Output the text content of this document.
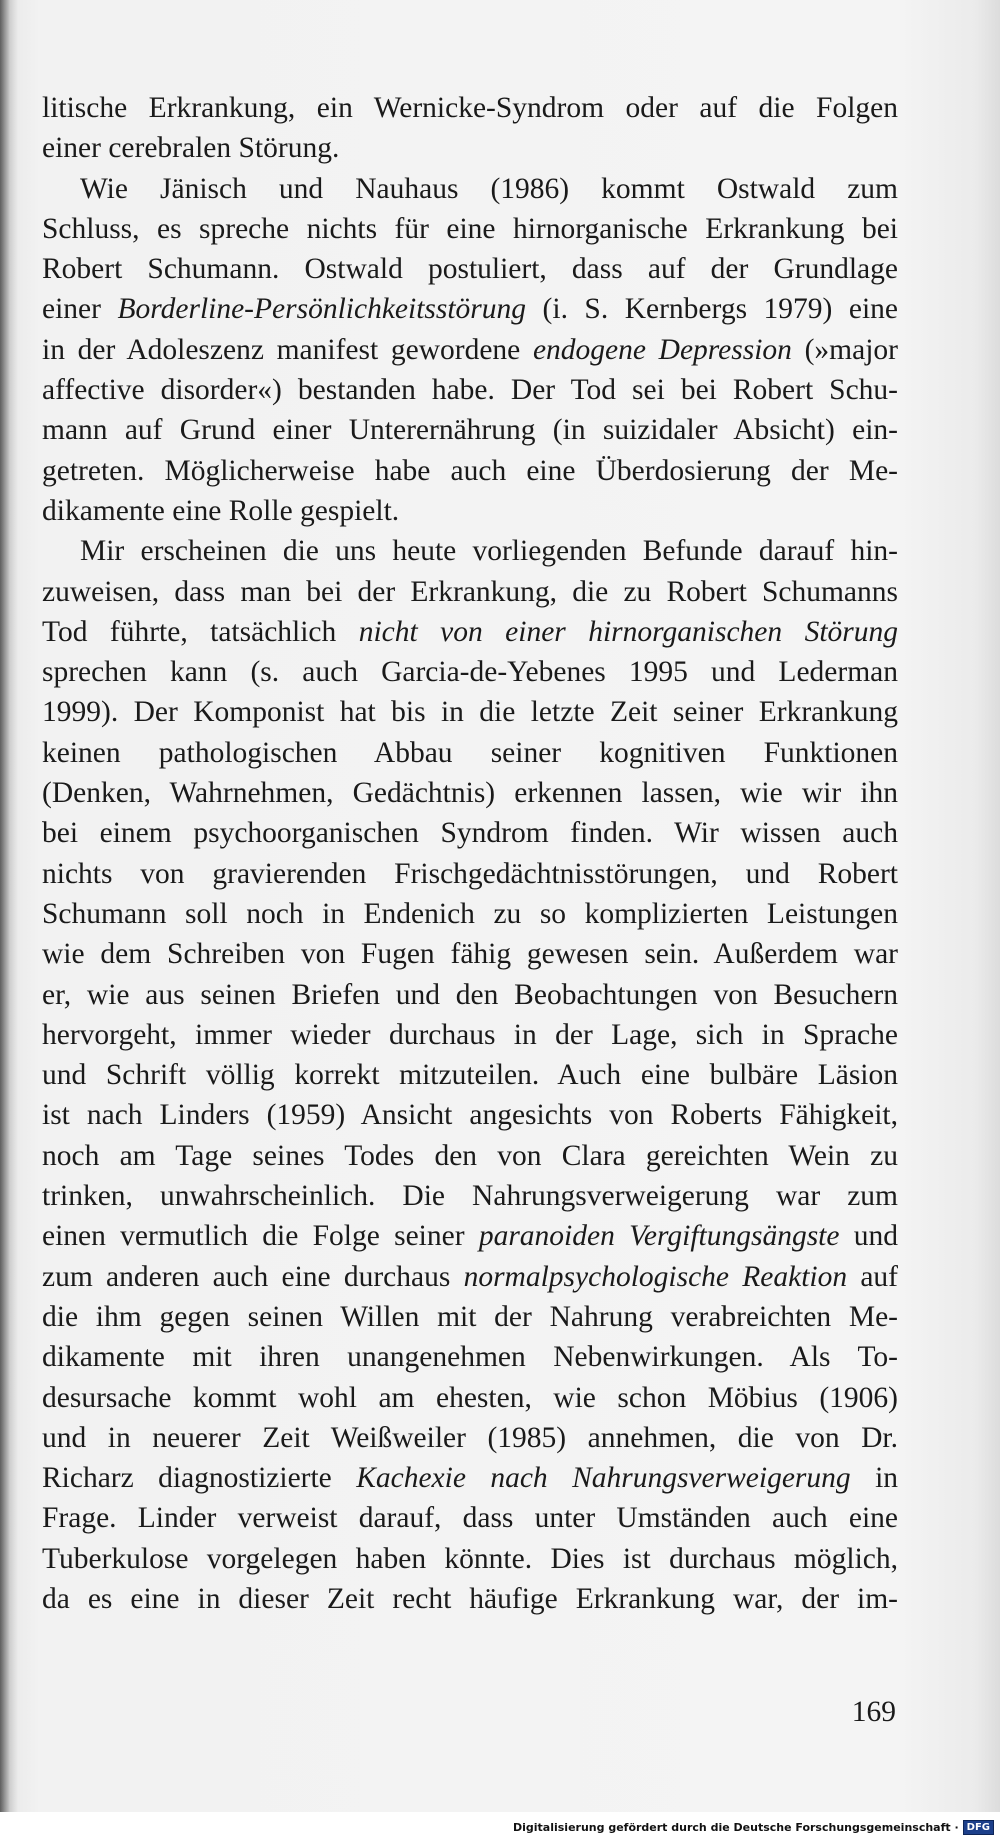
litische Erkrankung, ein Wernicke-Syndrom oder auf die Folgen
einer cerebralen Störung.
Wie Jänisch und Nauhaus (1986) kommt Ostwald zum
Schluss, es spreche nichts für eine hirnorganische Erkrankung bei
Robert Schumann. Ostwald postuliert, dass auf der Grundlage
einer Borderline-Persönlichkeitsstörung (i. S. Kernbergs 1979) eine
in der Adoleszenz manifest gewordene endogene Depression (»major
affective disorder«) bestanden habe. Der Tod sei bei Robert Schu-
mann auf Grund einer Unterernährung (in suizidaler Absicht) ein-
getreten. Möglicherweise habe auch eine Überdosierung der Me-
dikamente eine Rolle gespielt.
Mir erscheinen die uns heute vorliegenden Befunde darauf hin-
zuweisen, dass man bei der Erkrankung, die zu Robert Schumanns
Tod führte, tatsächlich nicht von einer hirnorganischen Störung
sprechen kann (s. auch Garcia-de-Yebenes 1995 und Lederman
1999). Der Komponist hat bis in die letzte Zeit seiner Erkrankung
keinen pathologischen Abbau seiner kognitiven Funktionen
(Denken, Wahrnehmen, Gedächtnis) erkennen lassen, wie wir ihn
bei einem psychoorganischen Syndrom finden. Wir wissen auch
nichts von gravierenden Frischgedächtnisstörungen, und Robert
Schumann soll noch in Endenich zu so komplizierten Leistungen
wie dem Schreiben von Fugen fähig gewesen sein. Außerdem war
er, wie aus seinen Briefen und den Beobachtungen von Besuchern
hervorgeht, immer wieder durchaus in der Lage, sich in Sprache
und Schrift völlig korrekt mitzuteilen. Auch eine bulbäre Läsion
ist nach Linders (1959) Ansicht angesichts von Roberts Fähigkeit,
noch am Tage seines Todes den von Clara gereichten Wein zu
trinken, unwahrscheinlich. Die Nahrungsverweigerung war zum
einen vermutlich die Folge seiner paranoiden Vergiftungsängste und
zum anderen auch eine durchaus normalpsychologische Reaktion auf
die ihm gegen seinen Willen mit der Nahrung verabreichten Me-
dikamente mit ihren unangenehmen Nebenwirkungen. Als To-
desursache kommt wohl am ehesten, wie schon Möbius (1906)
und in neuerer Zeit Weißweiler (1985) annehmen, die von Dr.
Richarz diagnostizierte Kachexie nach Nahrungsverweigerung in
Frage. Linder verweist darauf, dass unter Umständen auch eine
Tuberkulose vorgelegen haben könnte. Dies ist durchaus möglich,
da es eine in dieser Zeit recht häufige Erkrankung war, der im-
169
Digitalisierung gefördert durch die Deutsche Forschungsgemeinschaft · DFG
